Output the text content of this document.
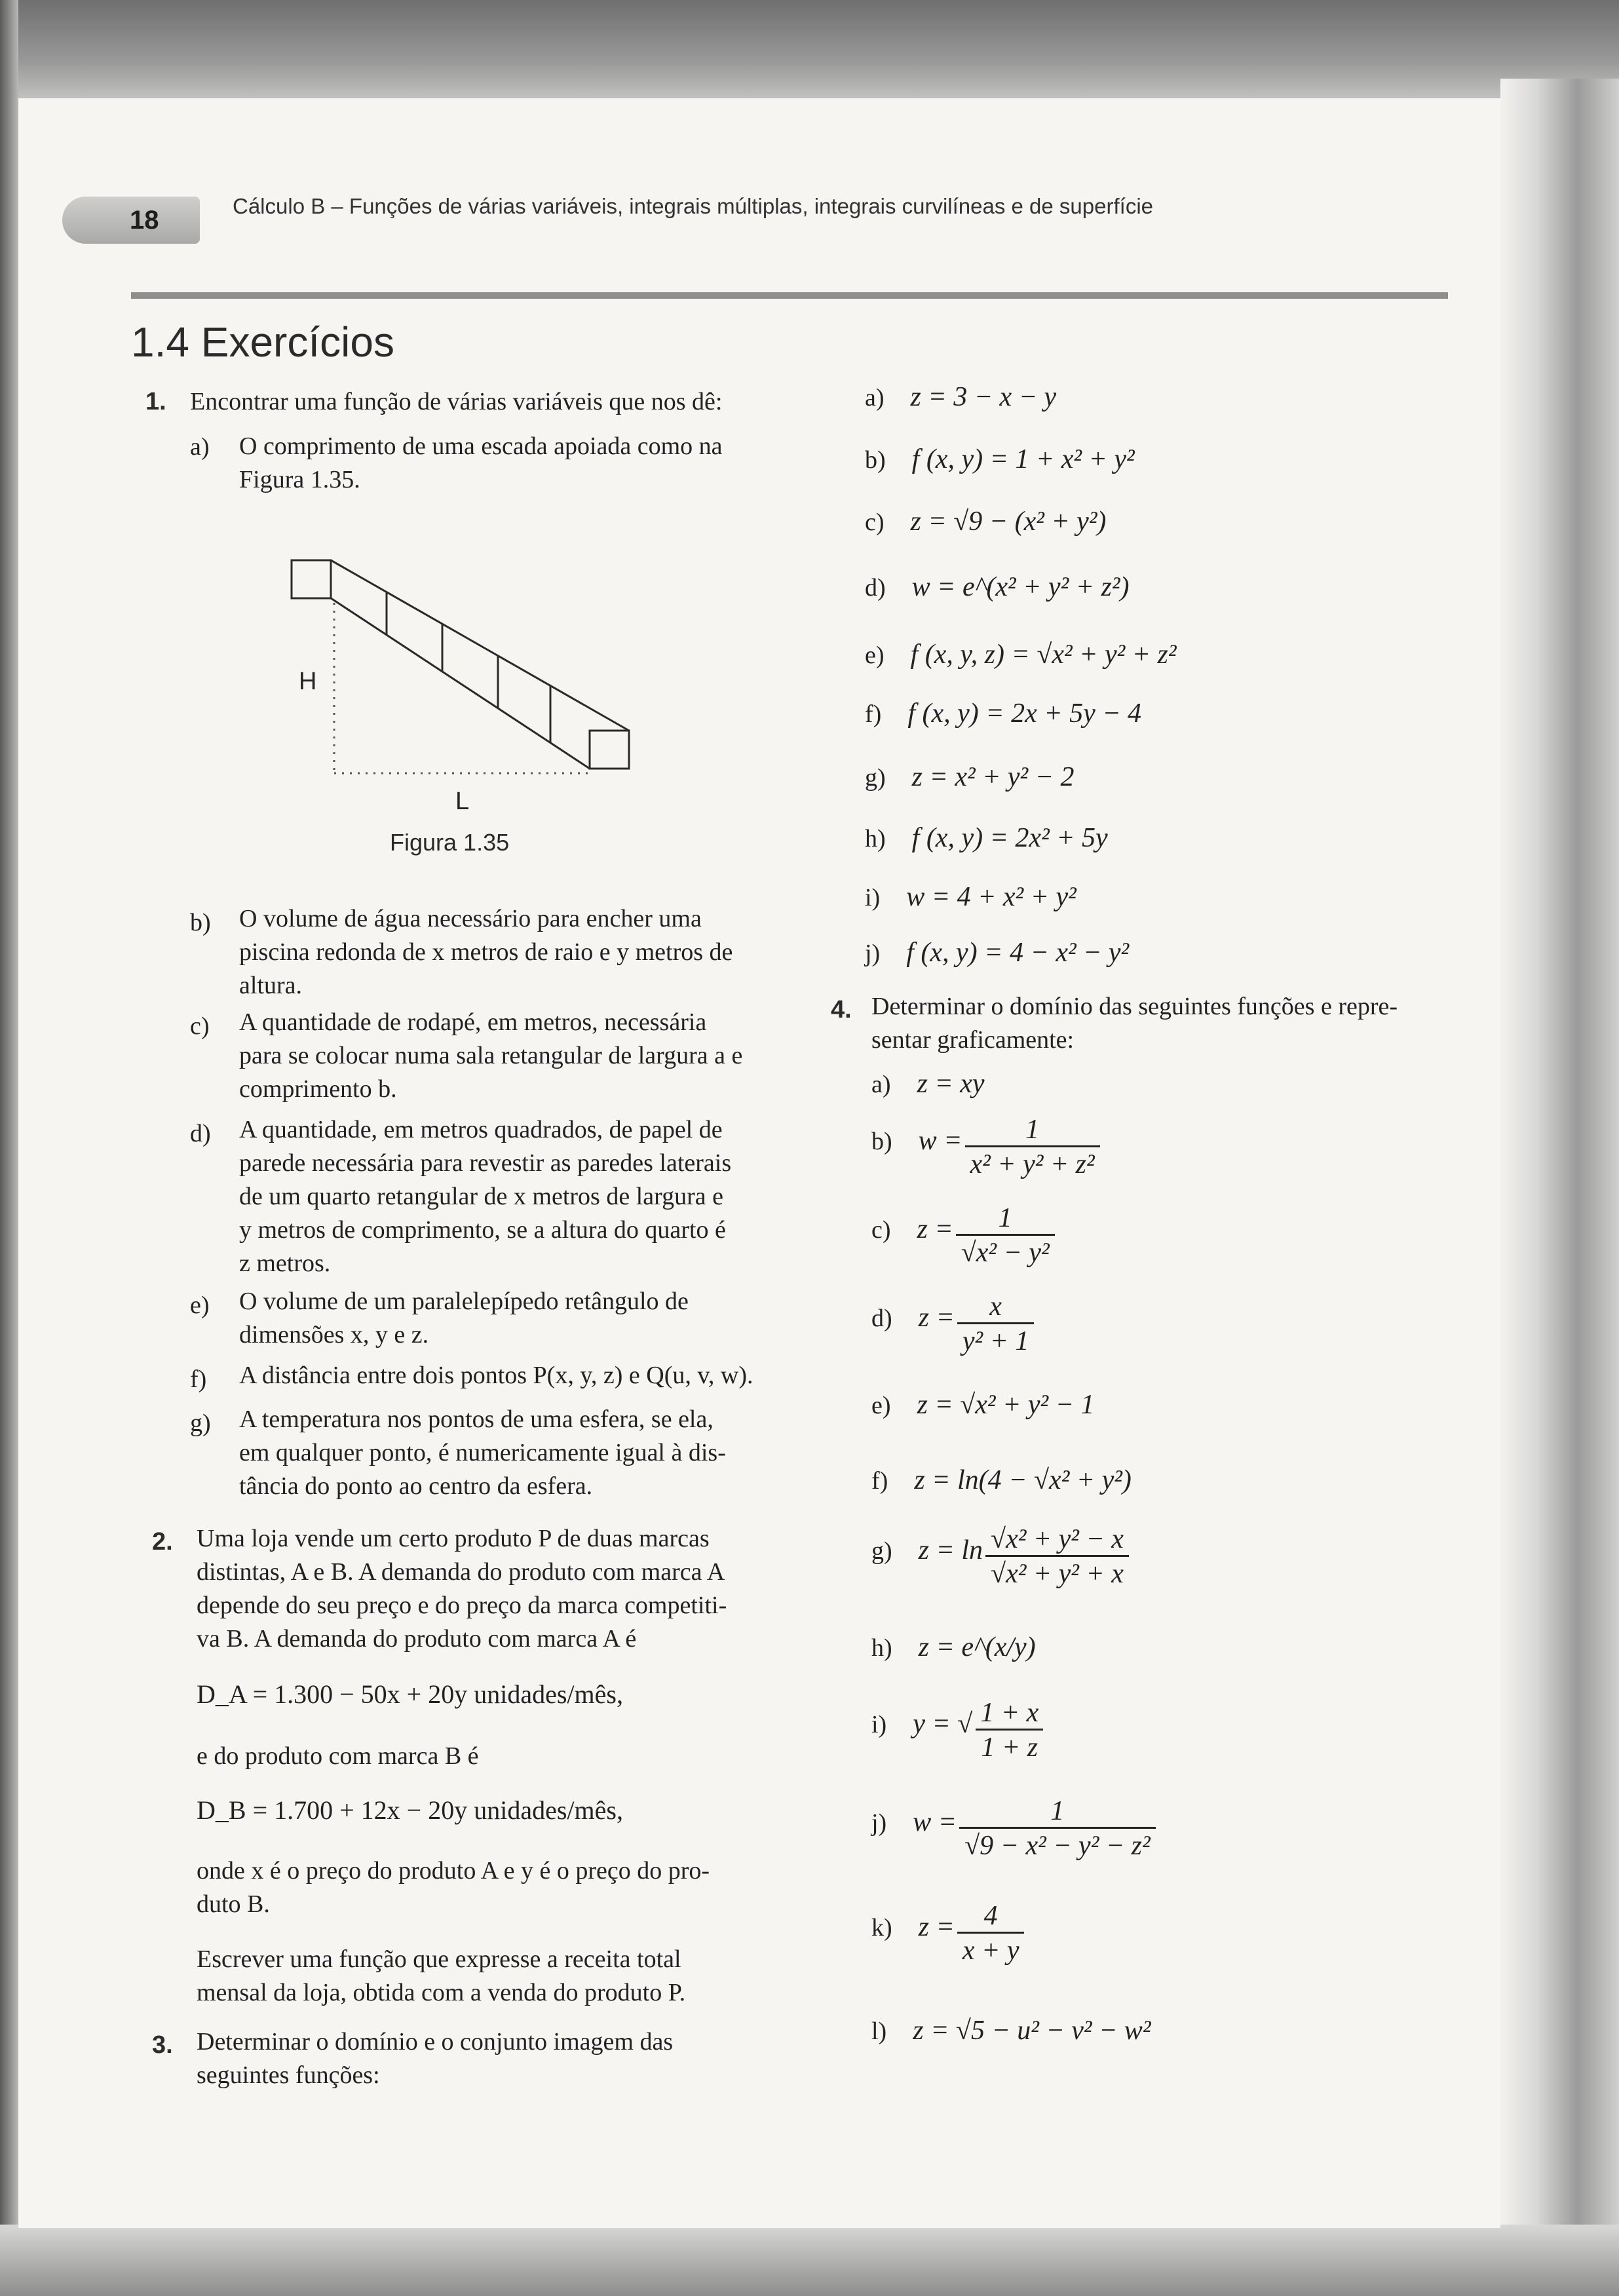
18	Cálculo B – Funções de várias variáveis, integrais múltiplas, integrais curvilíneas e de superfície
1.4 Exercícios
1. Encontrar uma função de várias variáveis que nos dê:
a) O comprimento de uma escada apoiada como na
Figura 1.35.
H
L
Figura 1.35
b) O volume de água necessário para encher uma
piscina redonda de x metros de raio e y metros de
altura.
c) A quantidade de rodapé, em metros, necessária
para se colocar numa sala retangular de largura a e
comprimento b.
d) A quantidade, em metros quadrados, de papel de
parede necessária para revestir as paredes laterais
de um quarto retangular de x metros de largura e
y metros de comprimento, se a altura do quarto é
z metros.
e) O volume de um paralelepípedo retângulo de
dimensões x, y e z.
f) A distância entre dois pontos P(x, y, z) e Q(u, v, w).
g) A temperatura nos pontos de uma esfera, se ela,
em qualquer ponto, é numericamente igual à dis-
tância do ponto ao centro da esfera.
2. Uma loja vende um certo produto P de duas marcas
distintas, A e B. A demanda do produto com marca A
depende do seu preço e do preço da marca competiti-
va B. A demanda do produto com marca A é
D_A = 1.300 − 50x + 20y unidades/mês,
e do produto com marca B é
D_B = 1.700 + 12x − 20y unidades/mês,
onde x é o preço do produto A e y é o preço do pro-
duto B.
Escrever uma função que expresse a receita total
mensal da loja, obtida com a venda do produto P.
3. Determinar o domínio e o conjunto imagem das
seguintes funções:
a) z = 3 − x − y
b) f (x, y) = 1 + x² + y²
c) z = √9 − (x² + y²)
d) w = e^(x² + y² + z²)
e) f (x, y, z) = √x² + y² + z²
f) f (x, y) = 2x + 5y − 4
g) z = x² + y² − 2
h) f (x, y) = 2x² + 5y
i) w = 4 + x² + y²
j) f (x, y) = 4 − x² − y²
4. Determinar o domínio das seguintes funções e repre-
sentar graficamente:
a) z = xy
b) $w = \frac{1}{\text{x² + y² + z²}}$
c) $z = \frac{1}{\text{√x² − y²}}$
d) $z = \frac{x}{\text{y² + 1}}$
e) z = √x² + y² − 1
f) z = ln(4 − √x² + y²)
g) $z = \ln \frac{\text{√x² + y² − x}}{\text{√x² + y² + x}}$
h) z = e^(x/y)
i) y = √ $\frac{1 + x}{1 + z}$
j) $w = \frac{1}{\text{√9 − x² − y² − z²}}$
k) $z = \frac{4}{x + y}$
l) z = √5 − u² − v² − w²
